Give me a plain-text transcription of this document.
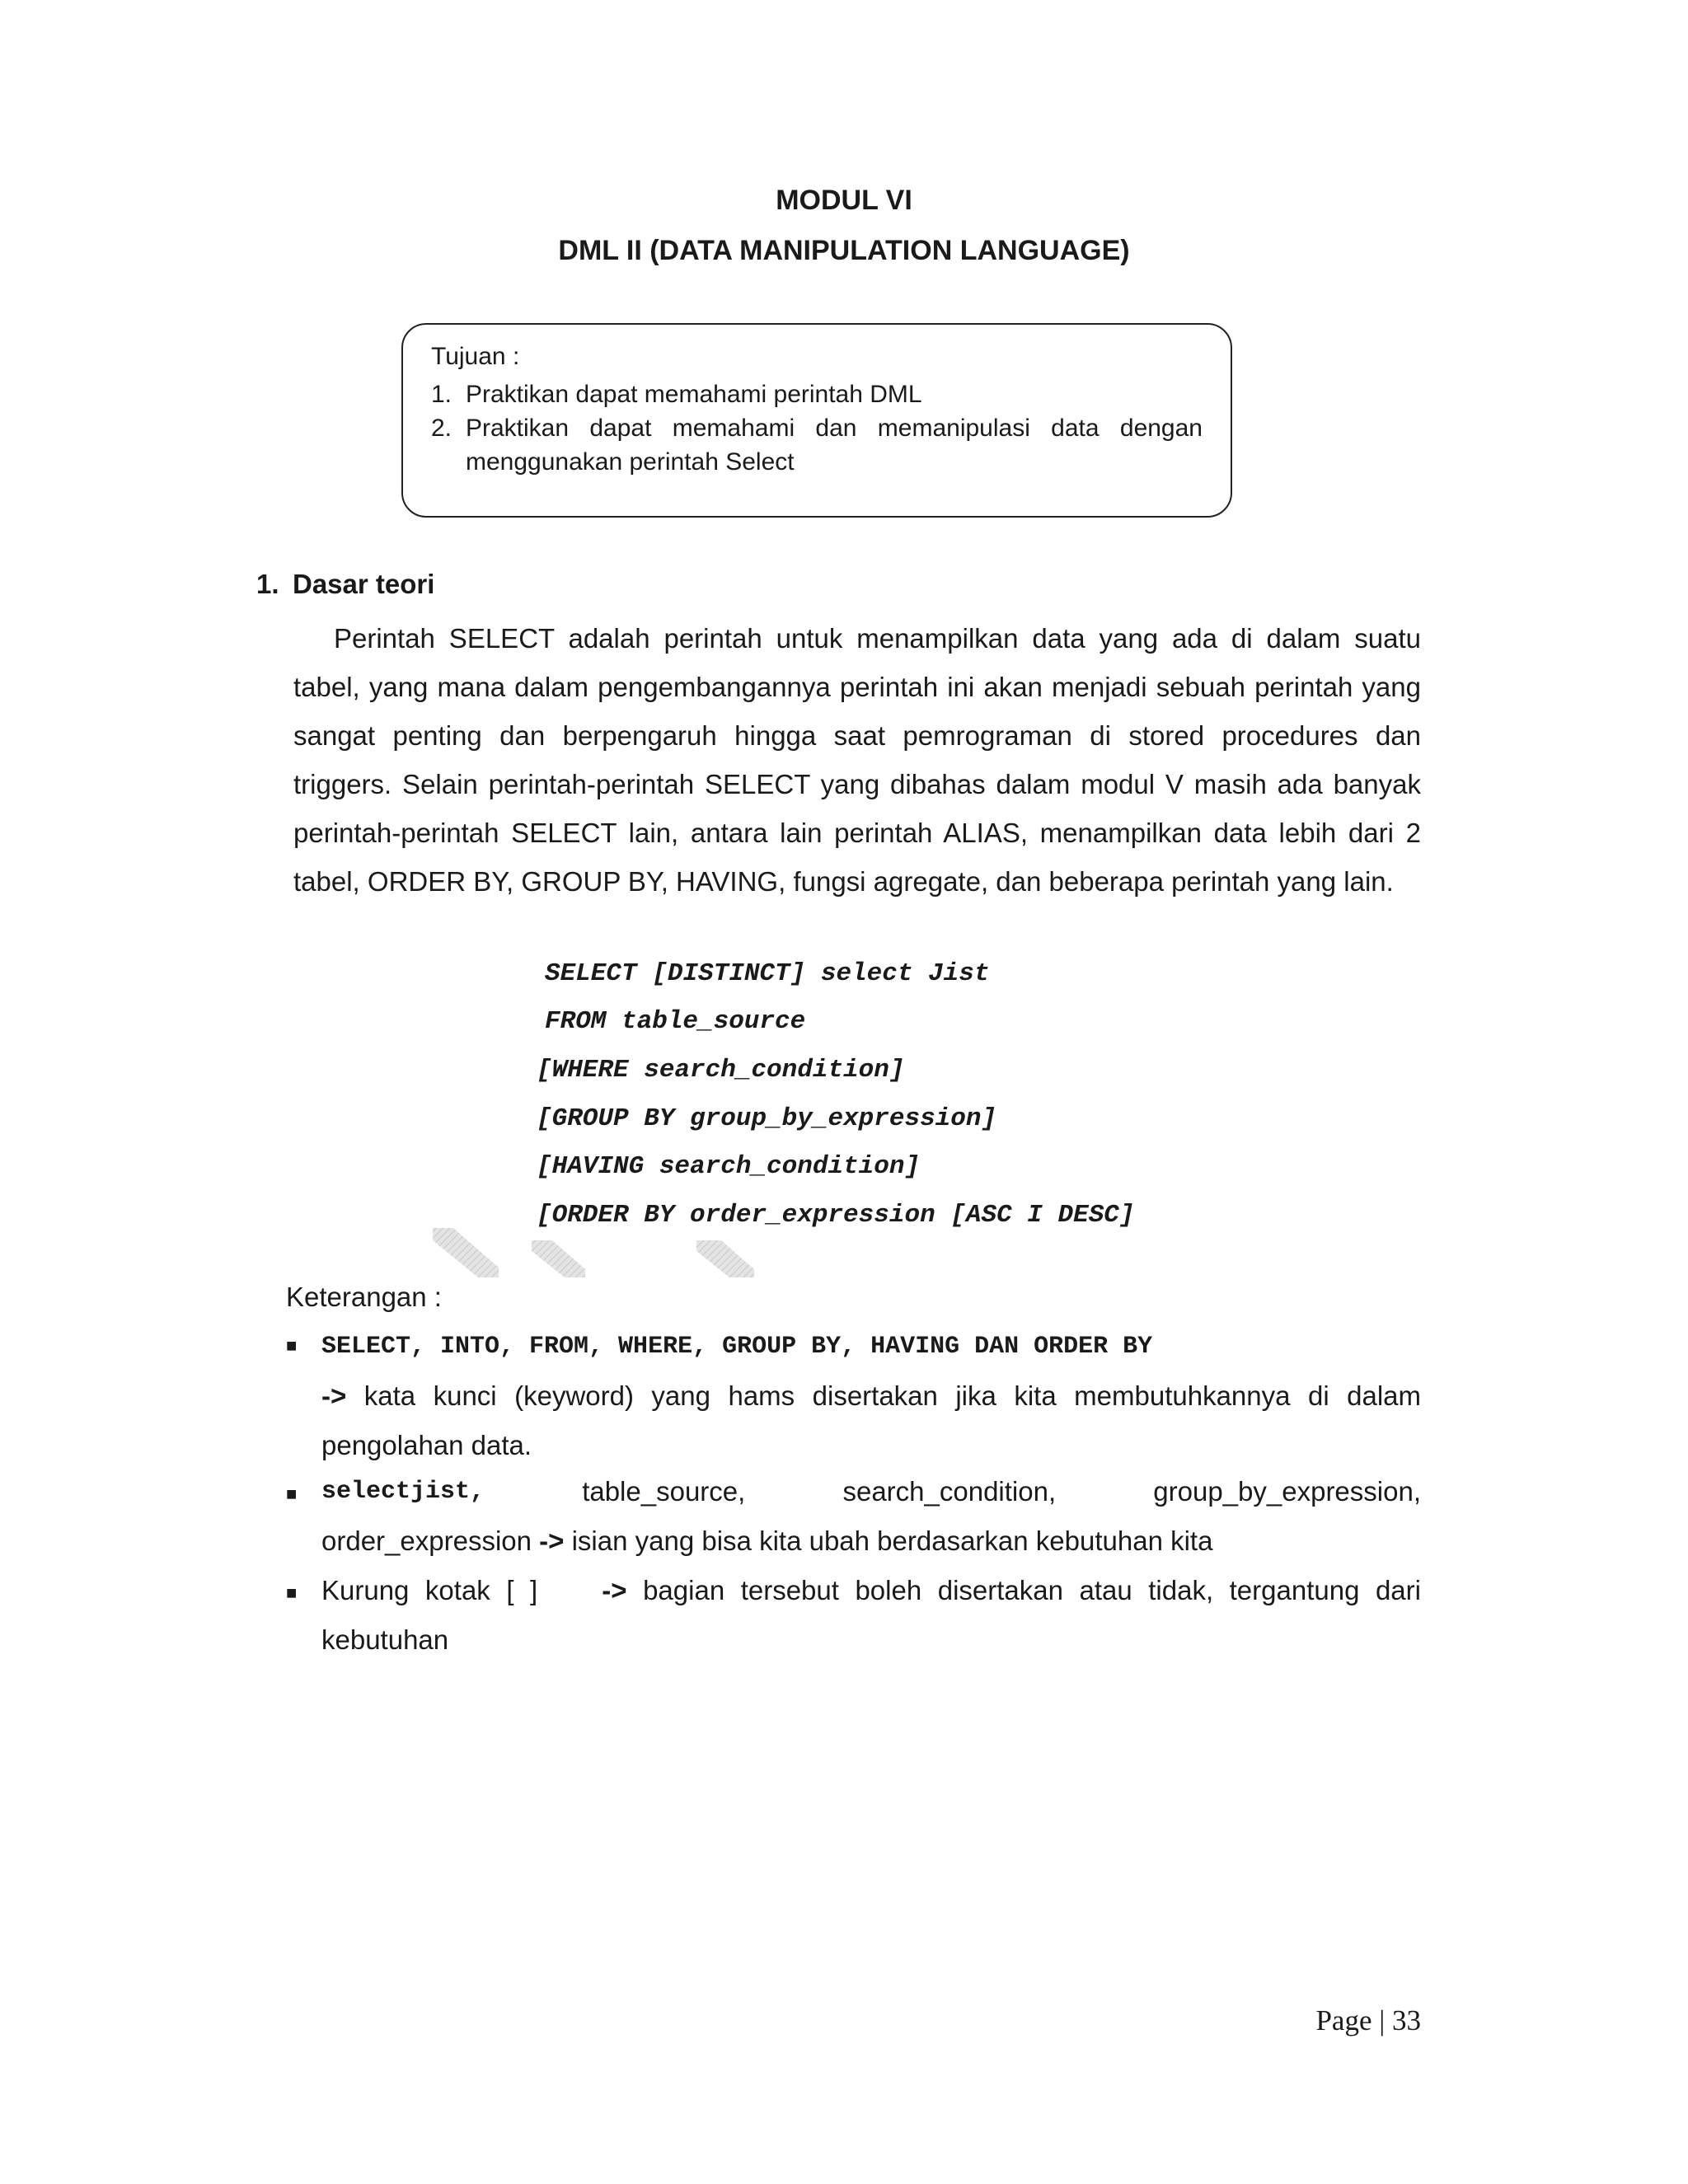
MODUL VI
DML II (DATA MANIPULATION LANGUAGE)
Tujuan :
1. Praktikan dapat memahami perintah DML
2. Praktikan dapat memahami dan memanipulasi data dengan menggunakan perintah Select
1. Dasar teori

Perintah SELECT adalah perintah untuk menampilkan data yang ada di dalam suatu tabel, yang mana dalam pengembangannya perintah ini akan menjadi sebuah perintah yang sangat penting dan berpengaruh hingga saat pemrograman di stored procedures dan triggers. Selain perintah-perintah SELECT yang dibahas dalam modul V masih ada banyak perintah-perintah SELECT lain, antara lain perintah ALIAS, menampilkan data lebih dari 2 tabel, ORDER BY, GROUP BY, HAVING, fungsi agregate, dan beberapa perintah yang lain.

SELECT [DISTINCT] select Jist
FROM table_source
[WHERE search_condition]
[GROUP BY group_by_expression]
[HAVING search_condition]
[ORDER BY order_expression [ASC I DESC]
Keterangan :
■ SELECT, INTO, FROM, WHERE, GROUP BY, HAVING DAN ORDER BY
-> kata kunci (keyword) yang hams disertakan jika kita membutuhkannya di dalam pengolahan data.

■ selectjist,	table_source,	search_condition,	group_by_expression,
order_expression -> isian yang bisa kita ubah berdasarkan kebutuhan kita
■ Kurung kotak [ ] -> bagian tersebut boleh disertakan atau tidak, tergantung dari kebutuhan

Page | 33
